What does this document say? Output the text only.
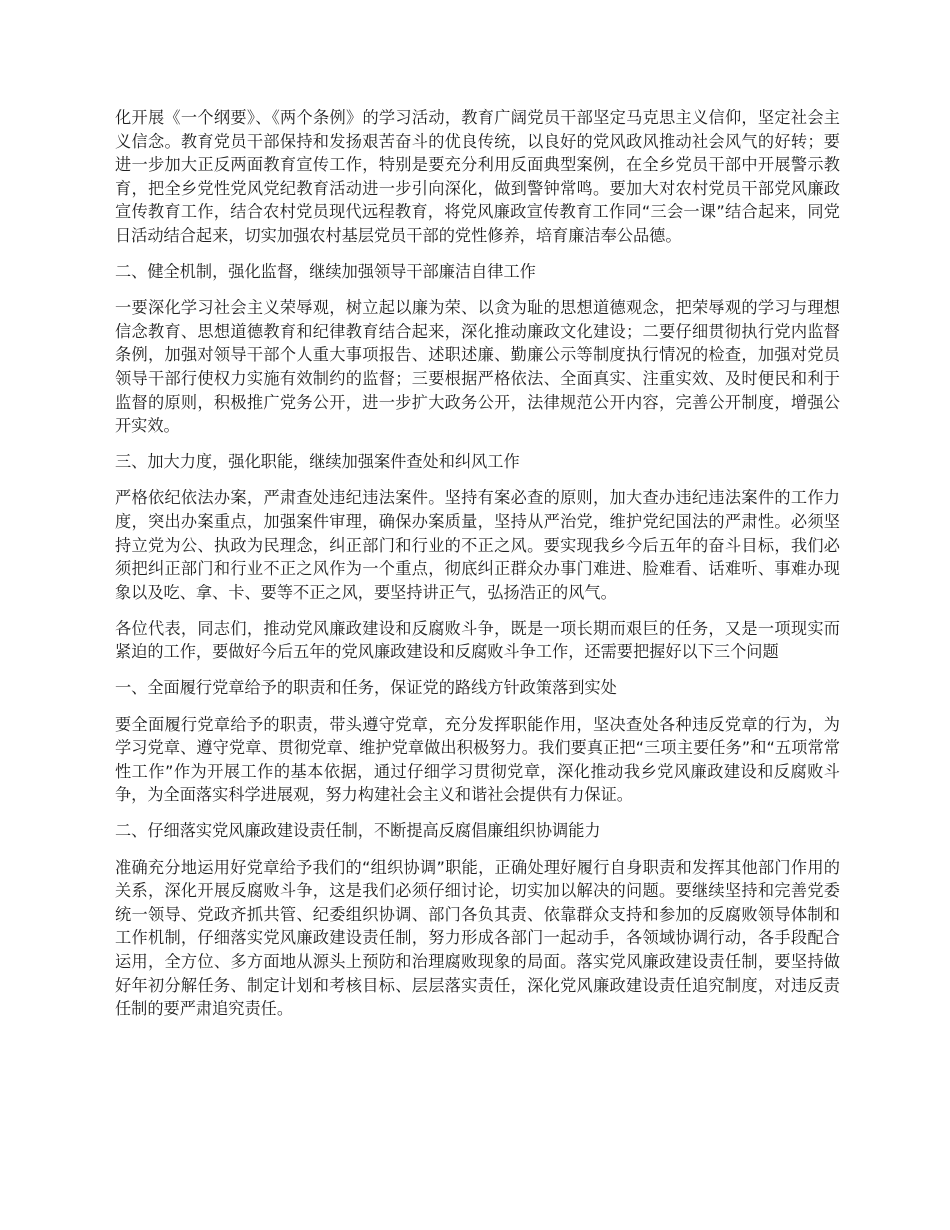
化开展《一个纲要》、《两个条例》的学习活动，教育广阔党员干部坚定马克思主义信仰，坚定社会主义信念。教育党员干部保持和发扬艰苦奋斗的优良传统，以良好的党风政风推动社会风气的好转；要进一步加大正反两面教育宣传工作，特别是要充分利用反面典型案例，在全乡党员干部中开展警示教育，把全乡党性党风党纪教育活动进一步引向深化，做到警钟常鸣。要加大对农村党员干部党风廉政宣传教育工作，结合农村党员现代远程教育，将党风廉政宣传教育工作同“三会一课”结合起来，同党日活动结合起来，切实加强农村基层党员干部的党性修养，培育廉洁奉公品德。

二、健全机制，强化监督，继续加强领导干部廉洁自律工作

一要深化学习社会主义荣辱观，树立起以廉为荣、以贪为耻的思想道德观念，把荣辱观的学习与理想信念教育、思想道德教育和纪律教育结合起来，深化推动廉政文化建设；二要仔细贯彻执行党内监督条例，加强对领导干部个人重大事项报告、述职述廉、勤廉公示等制度执行情况的检查，加强对党员领导干部行使权力实施有效制约的监督；三要根据严格依法、全面真实、注重实效、及时便民和利于监督的原则，积极推广党务公开，进一步扩大政务公开，法律规范公开内容，完善公开制度，增强公开实效。

三、加大力度，强化职能，继续加强案件查处和纠风工作

严格依纪依法办案，严肃查处违纪违法案件。坚持有案必查的原则，加大查办违纪违法案件的工作力度，突出办案重点，加强案件审理，确保办案质量，坚持从严治党，维护党纪国法的严肃性。必须坚持立党为公、执政为民理念，纠正部门和行业的不正之风。要实现我乡今后五年的奋斗目标，我们必须把纠正部门和行业不正之风作为一个重点，彻底纠正群众办事门难进、脸难看、话难听、事难办现象以及吃、拿、卡、要等不正之风，要坚持讲正气，弘扬浩正的风气。

各位代表，同志们，推动党风廉政建设和反腐败斗争，既是一项长期而艰巨的任务，又是一项现实而紧迫的工作，要做好今后五年的党风廉政建设和反腐败斗争工作，还需要把握好以下三个问题

一、全面履行党章给予的职责和任务，保证党的路线方针政策落到实处

要全面履行党章给予的职责，带头遵守党章，充分发挥职能作用，坚决查处各种违反党章的行为，为学习党章、遵守党章、贯彻党章、维护党章做出积极努力。我们要真正把“三项主要任务”和“五项常常性工作”作为开展工作的基本依据，通过仔细学习贯彻党章，深化推动我乡党风廉政建设和反腐败斗争，为全面落实科学进展观，努力构建社会主义和谐社会提供有力保证。

二、仔细落实党风廉政建设责任制，不断提高反腐倡廉组织协调能力

准确充分地运用好党章给予我们的“组织协调”职能，正确处理好履行自身职责和发挥其他部门作用的关系，深化开展反腐败斗争，这是我们必须仔细讨论，切实加以解决的问题。要继续坚持和完善党委统一领导、党政齐抓共管、纪委组织协调、部门各负其责、依靠群众支持和参加的反腐败领导体制和工作机制，仔细落实党风廉政建设责任制，努力形成各部门一起动手，各领域协调行动，各手段配合运用，全方位、多方面地从源头上预防和治理腐败现象的局面。落实党风廉政建设责任制，要坚持做好年初分解任务、制定计划和考核目标、层层落实责任，深化党风廉政建设责任追究制度，对违反责任制的要严肃追究责任。
